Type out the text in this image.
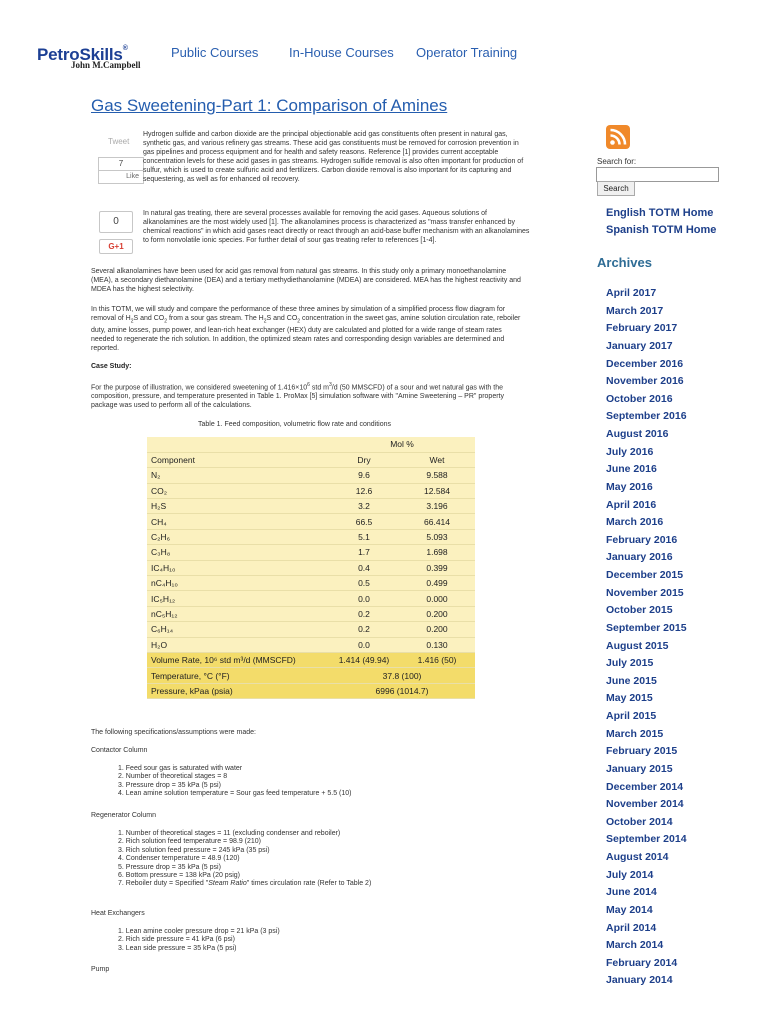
PetroSkills®
John M.Campbell
Public Courses In-House Courses Operator Training
Gas Sweetening-Part 1: Comparison of Amines
Tweet
7
Like
0
G+1

Hydrogen sulfide and carbon dioxide are the principal objectionable acid gas constituents often present in natural gas, synthetic gas, and various refinery gas streams. These acid gas constituents must be removed for corrosion prevention in gas pipelines and process equipment and for health and safety reasons. Reference [1] provides current acceptable concentration levels for these acid gases in gas streams. Hydrogen sulfide removal is also often important for production of sulfur, which is used to create sulfuric acid and fertilizers. Carbon dioxide removal is also important for its capturing and sequestering, as well as for enhanced oil recovery.

In natural gas treating, there are several processes available for removing the acid gases. Aqueous solutions of alkanolamines are the most widely used [1]. The alkanolamines process is characterized as "mass transfer enhanced by chemical reactions" in which acid gases react directly or react through an acid-base buffer mechanism with an alkanolamines to form nonvolatile ionic species. For further detail of sour gas treating refer to references [1-4].

Several alkanolamines have been used for acid gas removal from natural gas streams. In this study only a primary monoethanolamine (MEA), a secondary diethanolamine (DEA) and a tertiary methydiethanolamine (MDEA) are considered. MEA has the highest reactivity and MDEA has the highest selectivity.

In this TOTM, we will study and compare the performance of these three amines by simulation of a simplified process flow diagram for removal of $H_2S$ and $CO_2$ from a sour gas stream. The $H_2S$ and $CO_2$ concentration in the sweet gas, amine solution circulation rate, reboiler duty, amine losses, pump power, and lean-rich heat exchanger (HEX) duty are calculated and plotted for a wide range of steam rates needed to regenerate the rich solution. In addition, the optimized steam rates and corresponding design variables are determined and reported.

Case Study:

For the purpose of illustration, we considered sweetening of $1.416\times 10^6$ std $m^3/d$ (50 MMSCFD) of a sour and wet natural gas with the composition, pressure, and temperature presented in Table 1. ProMax [5] simulation software with "Amine Sweetening – PR" property package was used to perform all of the calculations.

Table 1. Feed composition, volumetric flow rate and conditions
	Mol %	
Component	Dry	Wet
N₂	9.6	9.588
CO₂	12.6	12.584
H₂S	3.2	3.196
CH₄	66.5	66.414
C₂H₆	5.1	5.093
C₃H₈	1.7	1.698
IC₄H₁₀	0.4	0.399
nC₄H₁₀	0.5	0.499
IC₅H₁₂	0.0	0.000
nC₅H₁₂	0.2	0.200
C₆H₁₄	0.2	0.200
H₂O	0.0	0.130
Volume Rate, 10⁶ std m³/d (MMSCFD)	1.414 (49.94)	1.416 (50)
Temperature, °C (°F)	37.8 (100)	
Pressure, kPaa (psia)	6996 (1014.7)	
The following specifications/assumptions were made:
Contactor Column
1. Feed sour gas is saturated with water
2. Number of theoretical stages = 8
3. Pressure drop = 35 kPa (5 psi)
4. Lean amine solution temperature = Sour gas feed temperature + 5.5 (10)
Regenerator Column
1. Number of theoretical stages = 11 (excluding condenser and reboiler)
2. Rich solution feed temperature = 98.9 (210)
3. Rich solution feed pressure = 245 kPa (35 psi)
4. Condenser temperature = 48.9 (120)
5. Pressure drop = 35 kPa (5 psi)
6. Bottom pressure = 138 kPa (20 psig)
7. Reboiler duty = Specified "Steam Ratio" times circulation rate (Refer to Table 2)
Heat Exchangers
1. Lean amine cooler pressure drop = 21 kPa (3 psi)
2. Rich side pressure = 41 kPa (6 psi)
3. Lean side pressure = 35 kPa (5 psi)
Pump
Search for:
Search
English TOTM Home
Spanish TOTM Home
Archives
April 2017
March 2017
February 2017
January 2017
December 2016
November 2016
October 2016
September 2016
August 2016
July 2016
June 2016
May 2016
April 2016
March 2016
February 2016
January 2016
December 2015
November 2015
October 2015
September 2015
August 2015
July 2015
June 2015
May 2015
April 2015
March 2015
February 2015
January 2015
December 2014
November 2014
October 2014
September 2014
August 2014
July 2014
June 2014
May 2014
April 2014
March 2014
February 2014
January 2014
